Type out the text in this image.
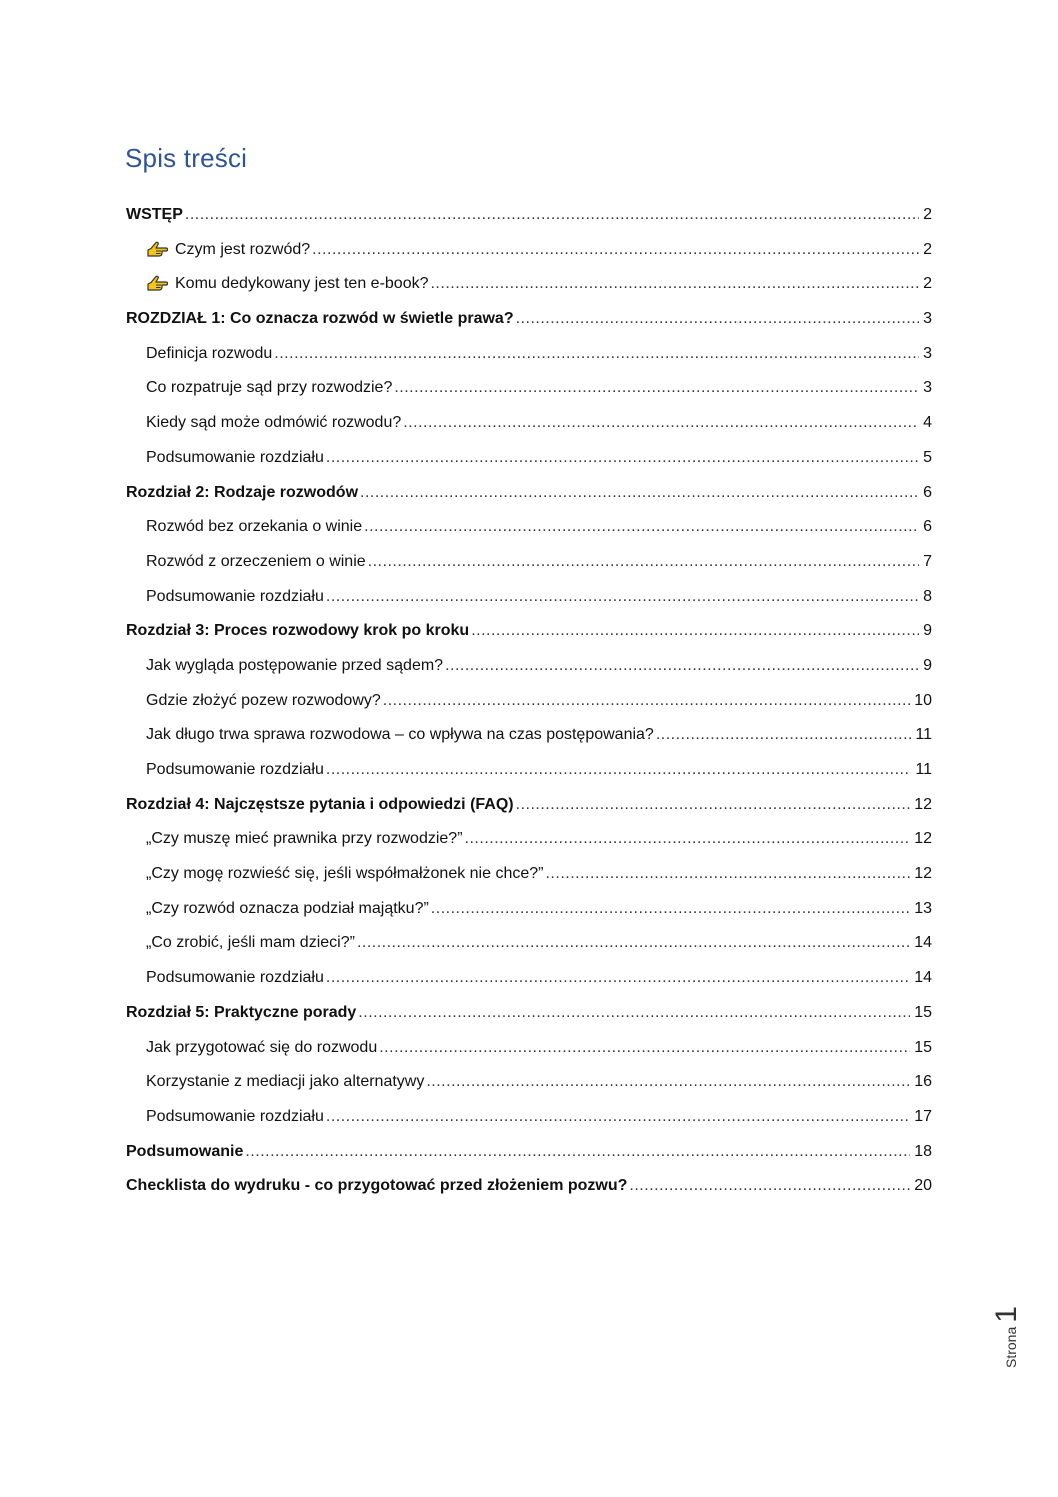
Spis treści
WSTĘP .....	2
Czym jest rozwód? .....	2
Komu dedykowany jest ten e-book? .....	2
ROZDZIAŁ 1: Co oznacza rozwód w świetle prawa? .....	3
Definicja rozwodu .....	3
Co rozpatruje sąd przy rozwodzie? .....	3
Kiedy sąd może odmówić rozwodu? .....	4
Podsumowanie rozdziału .....	5
Rozdział 2: Rodzaje rozwodów .....	6
Rozwód bez orzekania o winie .....	6
Rozwód z orzeczeniem o winie .....	7
Podsumowanie rozdziału .....	8
Rozdział 3: Proces rozwodowy krok po kroku .....	9
Jak wygląda postępowanie przed sądem? .....	9
Gdzie złożyć pozew rozwodowy? .....	10
Jak długo trwa sprawa rozwodowa – co wpływa na czas postępowania? .....	11
Podsumowanie rozdziału .....	11
Rozdział 4: Najczęstsze pytania i odpowiedzi (FAQ) .....	12
„Czy muszę mieć prawnika przy rozwodzie?” .....	12
„Czy mogę rozwieść się, jeśli współmałżonek nie chce?” .....	12
„Czy rozwód oznacza podział majątku?” .....	13
„Co zrobić, jeśli mam dzieci?” .....	14
Podsumowanie rozdziału .....	14
Rozdział 5: Praktyczne porady .....	15
Jak przygotować się do rozwodu .....	15
Korzystanie z mediacji jako alternatywy .....	16
Podsumowanie rozdziału .....	17
Podsumowanie .....	18
Checklista do wydruku - co przygotować przed złożeniem pozwu? .....	20
Strona
1
